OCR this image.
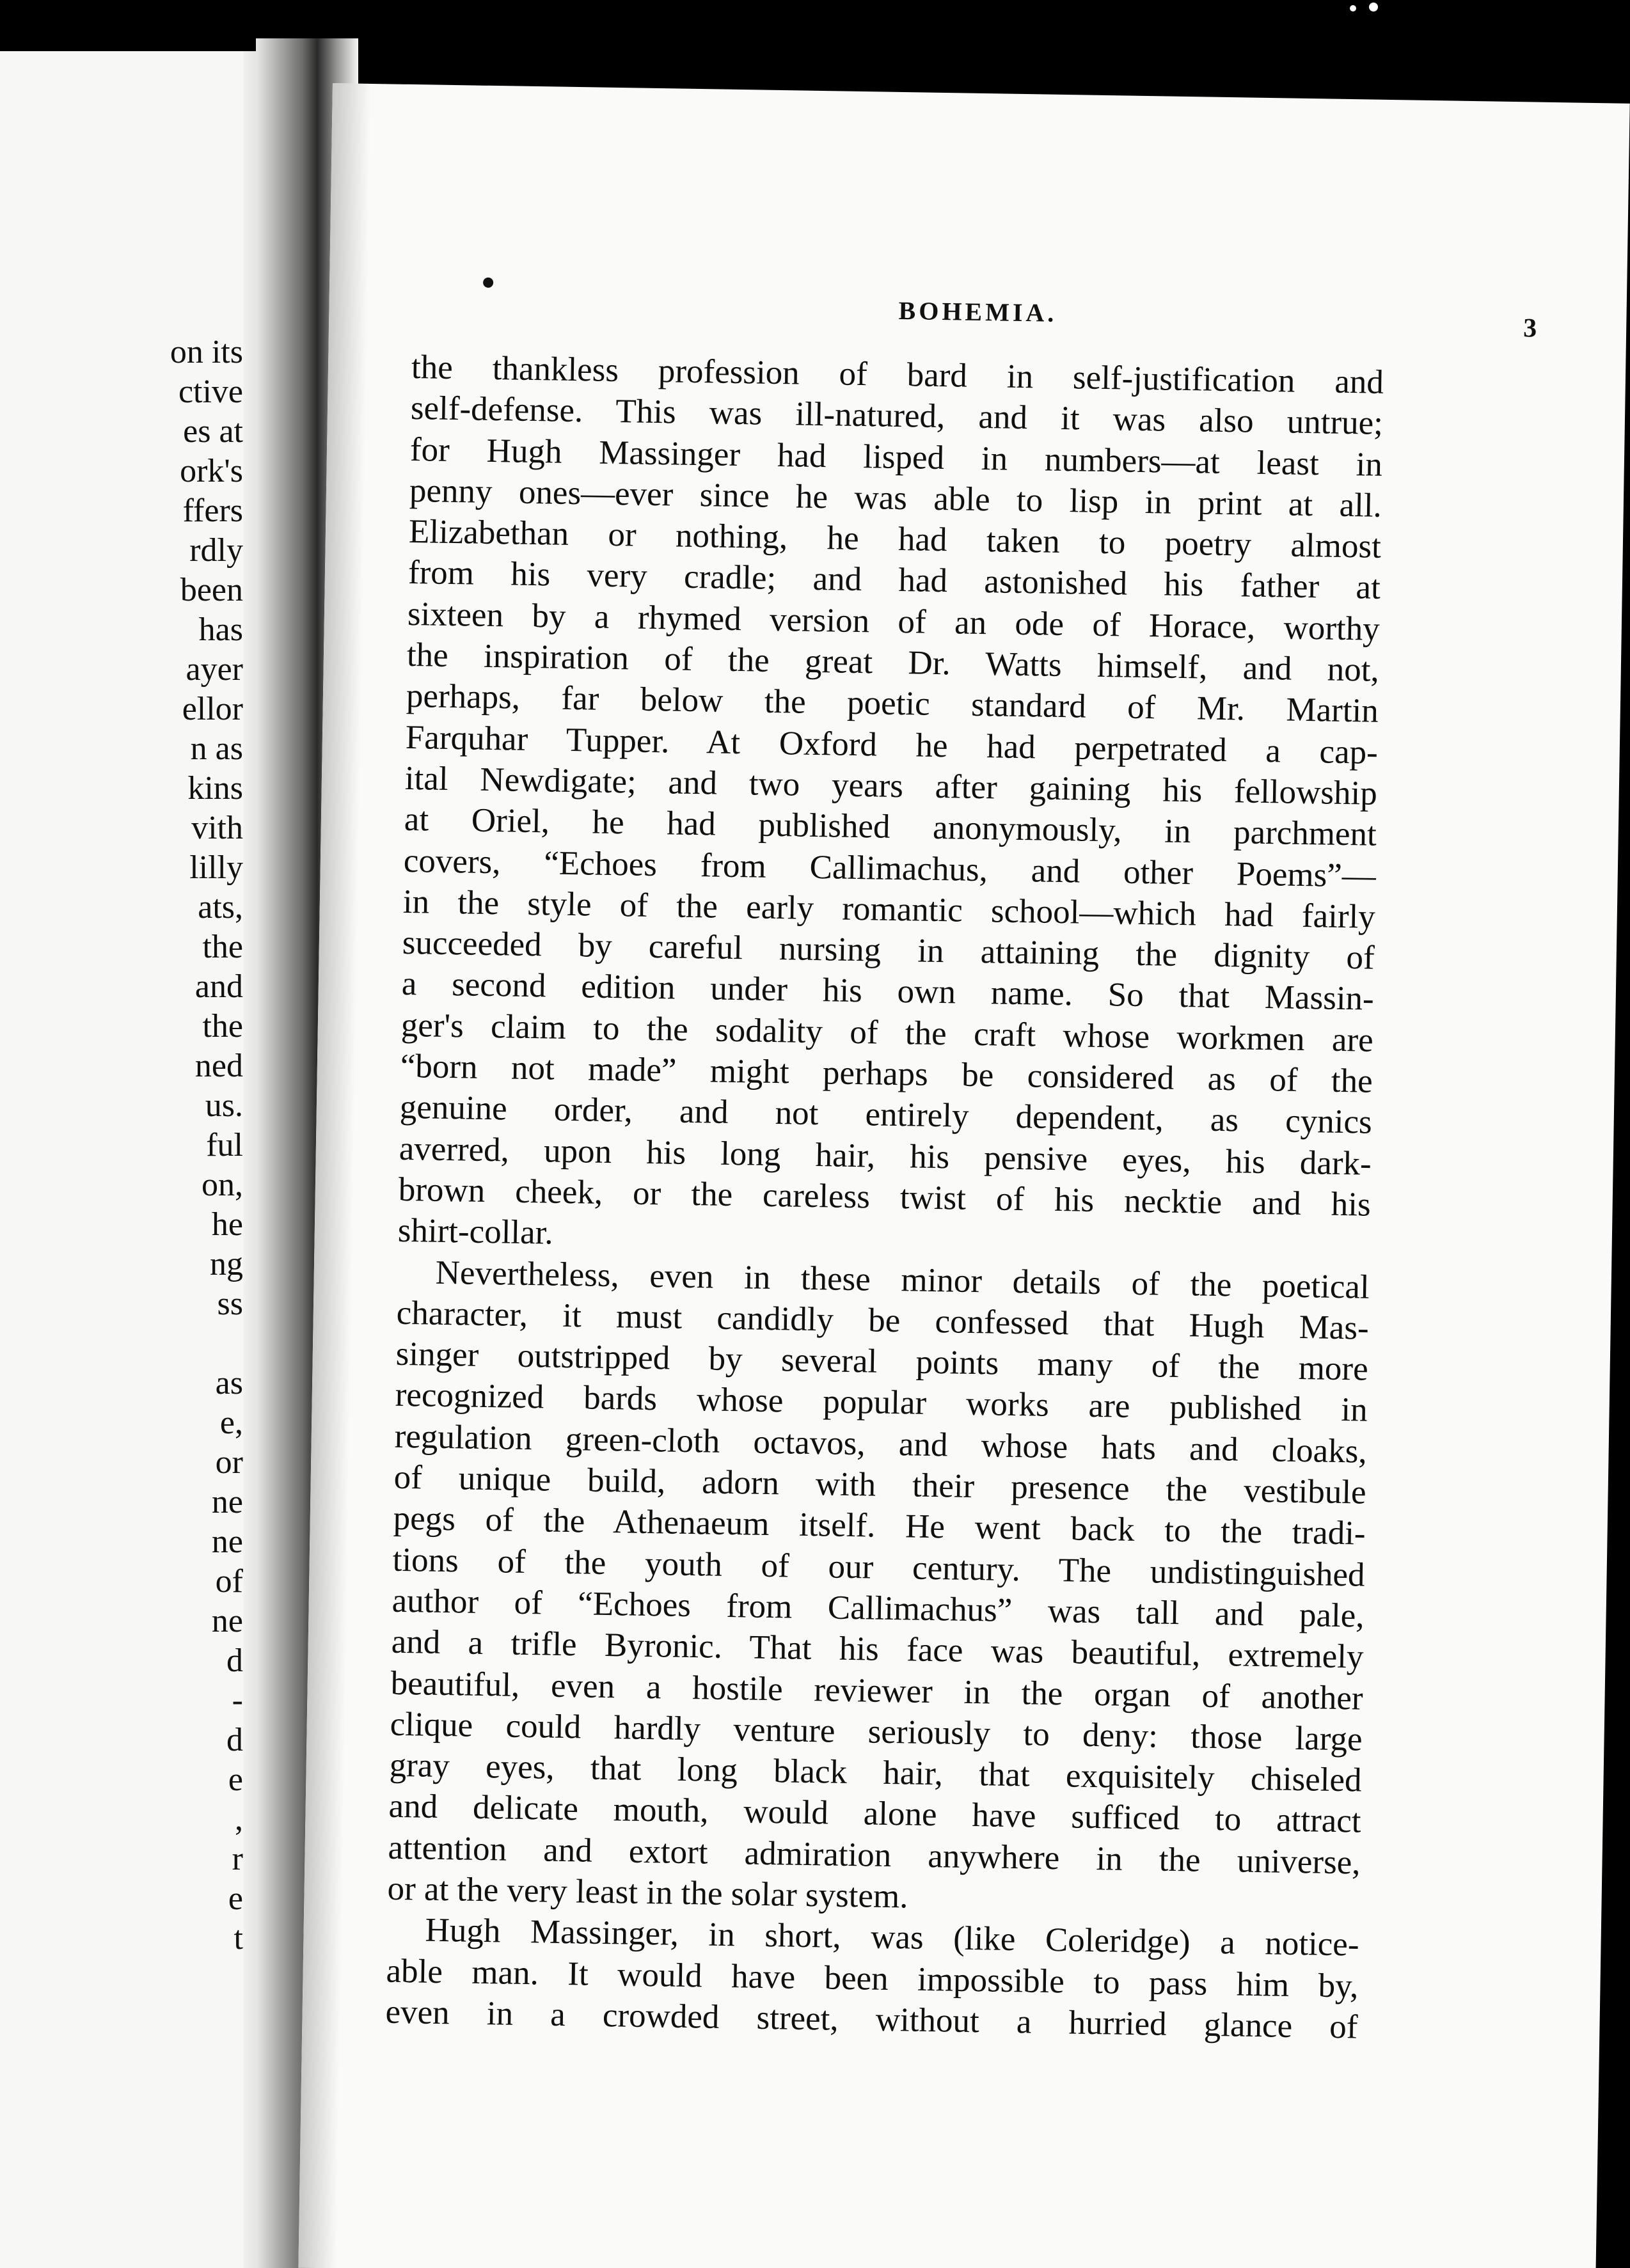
on its
ctive
es at
ork's
ffers
rdly
been
has
ayer
ellor
n as
kins
vith
lilly
ats,
the
and
the
ned
us.
ful
on,
he
ng
ss
as
e,
or
ne
ne
of
ne
d
-
d
e
,
r
e
t
BOHEMIA.
3
the thankless profession of bard in self-justification and
self-defense. This was ill-natured, and it was also untrue;
for Hugh Massinger had lisped in numbers—at least in
penny ones—ever since he was able to lisp in print at all.
Elizabethan or nothing, he had taken to poetry almost
from his very cradle; and had astonished his father at
sixteen by a rhymed version of an ode of Horace, worthy
the inspiration of the great Dr. Watts himself, and not,
perhaps, far below the poetic standard of Mr. Martin
Farquhar Tupper. At Oxford he had perpetrated a cap-
ital Newdigate; and two years after gaining his fellowship
at Oriel, he had published anonymously, in parchment
covers, “Echoes from Callimachus, and other Poems”—
in the style of the early romantic school—which had fairly
succeeded by careful nursing in attaining the dignity of
a second edition under his own name. So that Massin-
ger's claim to the sodality of the craft whose workmen are
“born not made” might perhaps be considered as of the
genuine order, and not entirely dependent, as cynics
averred, upon his long hair, his pensive eyes, his dark-
brown cheek, or the careless twist of his necktie and his
shirt-collar.
Nevertheless, even in these minor details of the poetical
character, it must candidly be confessed that Hugh Mas-
singer outstripped by several points many of the more
recognized bards whose popular works are published in
regulation green-cloth octavos, and whose hats and cloaks,
of unique build, adorn with their presence the vestibule
pegs of the Athenaeum itself. He went back to the tradi-
tions of the youth of our century. The undistinguished
author of “Echoes from Callimachus” was tall and pale,
and a trifle Byronic. That his face was beautiful, extremely
beautiful, even a hostile reviewer in the organ of another
clique could hardly venture seriously to deny: those large
gray eyes, that long black hair, that exquisitely chiseled
and delicate mouth, would alone have sufficed to attract
attention and extort admiration anywhere in the universe,
or at the very least in the solar system.
Hugh Massinger, in short, was (like Coleridge) a notice-
able man. It would have been impossible to pass him by,
even in a crowded street, without a hurried glance of
